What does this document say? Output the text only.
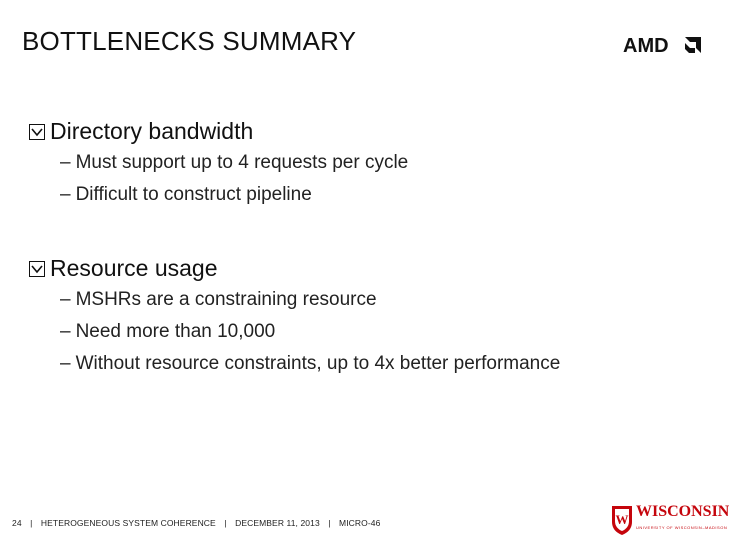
BOTTLENECKS SUMMARY	AMD
Directory bandwidth
– Must support up to 4 requests per cycle
– Difficult to construct pipeline
Resource usage
– MSHRs are a constraining resource
– Need more than 10,000
– Without resource constraints, up to 4x better performance
24 | HETEROGENEOUS SYSTEM COHERENCE | DECEMBER 11, 2013 | MICRO-46	W WISCONSIN
UNIVERSITY OF WISCONSIN–MADISON
